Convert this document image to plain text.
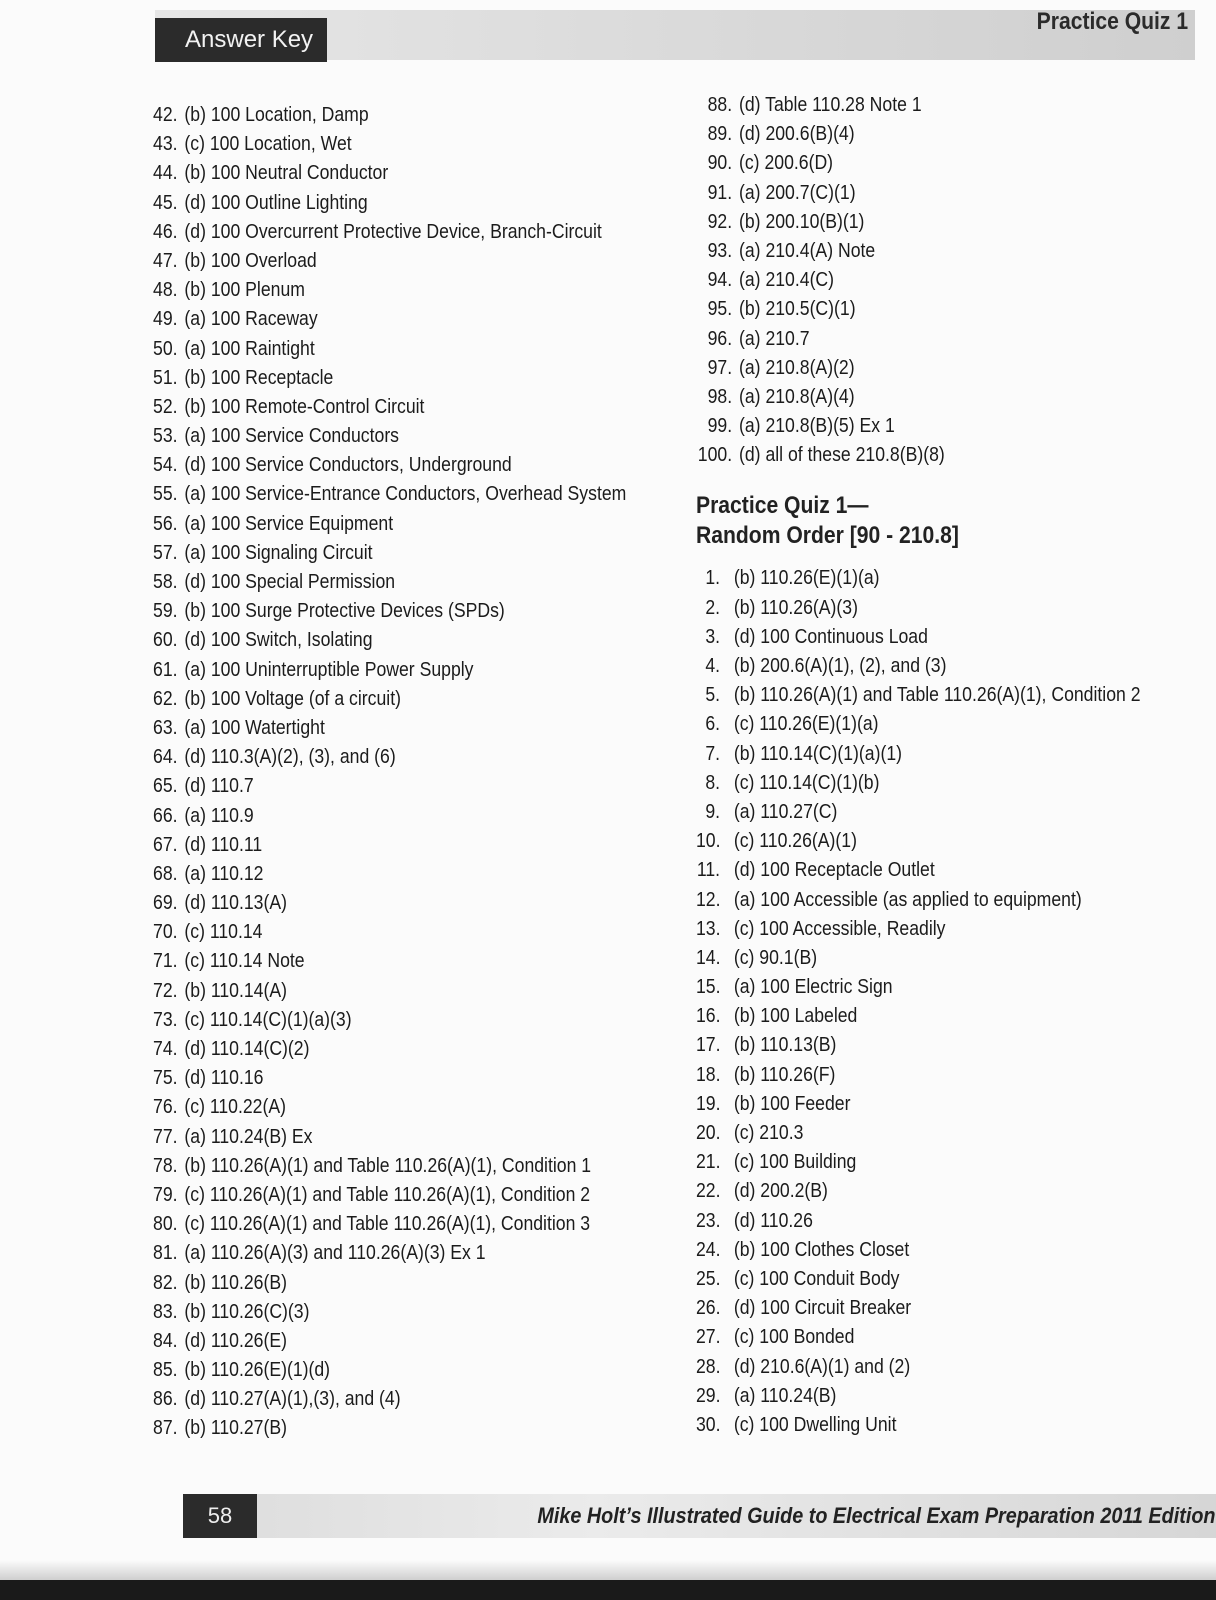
Answer Key
Practice Quiz 1
42. (b) 100 Location, Damp
43. (c) 100 Location, Wet
44. (b) 100 Neutral Conductor
45. (d) 100 Outline Lighting
46. (d) 100 Overcurrent Protective Device, Branch-Circuit
47. (b) 100 Overload
48. (b) 100 Plenum
49. (a) 100 Raceway
50. (a) 100 Raintight
51. (b) 100 Receptacle
52. (b) 100 Remote-Control Circuit
53. (a) 100 Service Conductors
54. (d) 100 Service Conductors, Underground
55. (a) 100 Service-Entrance Conductors, Overhead System
56. (a) 100 Service Equipment
57. (a) 100 Signaling Circuit
58. (d) 100 Special Permission
59. (b) 100 Surge Protective Devices (SPDs)
60. (d) 100 Switch, Isolating
61. (a) 100 Uninterruptible Power Supply
62. (b) 100 Voltage (of a circuit)
63. (a) 100 Watertight
64. (d) 110.3(A)(2), (3), and (6)
65. (d) 110.7
66. (a) 110.9
67. (d) 110.11
68. (a) 110.12
69. (d) 110.13(A)
70. (c) 110.14
71. (c) 110.14 Note
72. (b) 110.14(A)
73. (c) 110.14(C)(1)(a)(3)
74. (d) 110.14(C)(2)
75. (d) 110.16
76. (c) 110.22(A)
77. (a) 110.24(B) Ex
78. (b) 110.26(A)(1) and Table 110.26(A)(1), Condition 1
79. (c) 110.26(A)(1) and Table 110.26(A)(1), Condition 2
80. (c) 110.26(A)(1) and Table 110.26(A)(1), Condition 3
81. (a) 110.26(A)(3) and 110.26(A)(3) Ex 1
82. (b) 110.26(B)
83. (b) 110.26(C)(3)
84. (d) 110.26(E)
85. (b) 110.26(E)(1)(d)
86. (d) 110.27(A)(1),(3), and (4)
87. (b) 110.27(B)
88. (d) Table 110.28 Note 1
89. (d) 200.6(B)(4)
90. (c) 200.6(D)
91. (a) 200.7(C)(1)
92. (b) 200.10(B)(1)
93. (a) 210.4(A) Note
94. (a) 210.4(C)
95. (b) 210.5(C)(1)
96. (a) 210.7
97. (a) 210.8(A)(2)
98. (a) 210.8(A)(4)
99. (a) 210.8(B)(5) Ex 1
100. (d) all of these 210.8(B)(8)
Practice Quiz 1—
Random Order [90 - 210.8]
1. (b) 110.26(E)(1)(a)
2. (b) 110.26(A)(3)
3. (d) 100 Continuous Load
4. (b) 200.6(A)(1), (2), and (3)
5. (b) 110.26(A)(1) and Table 110.26(A)(1), Condition 2
6. (c) 110.26(E)(1)(a)
7. (b) 110.14(C)(1)(a)(1)
8. (c) 110.14(C)(1)(b)
9. (a) 110.27(C)
10. (c) 110.26(A)(1)
11. (d) 100 Receptacle Outlet
12. (a) 100 Accessible (as applied to equipment)
13. (c) 100 Accessible, Readily
14. (c) 90.1(B)
15. (a) 100 Electric Sign
16. (b) 100 Labeled
17. (b) 110.13(B)
18. (b) 110.26(F)
19. (b) 100 Feeder
20. (c) 210.3
21. (c) 100 Building
22. (d) 200.2(B)
23. (d) 110.26
24. (b) 100 Clothes Closet
25. (c) 100 Conduit Body
26. (d) 100 Circuit Breaker
27. (c) 100 Bonded
28. (d) 210.6(A)(1) and (2)
29. (a) 110.24(B)
30. (c) 100 Dwelling Unit
58	Mike Holt’s Illustrated Guide to Electrical Exam Preparation 2011 Edition
